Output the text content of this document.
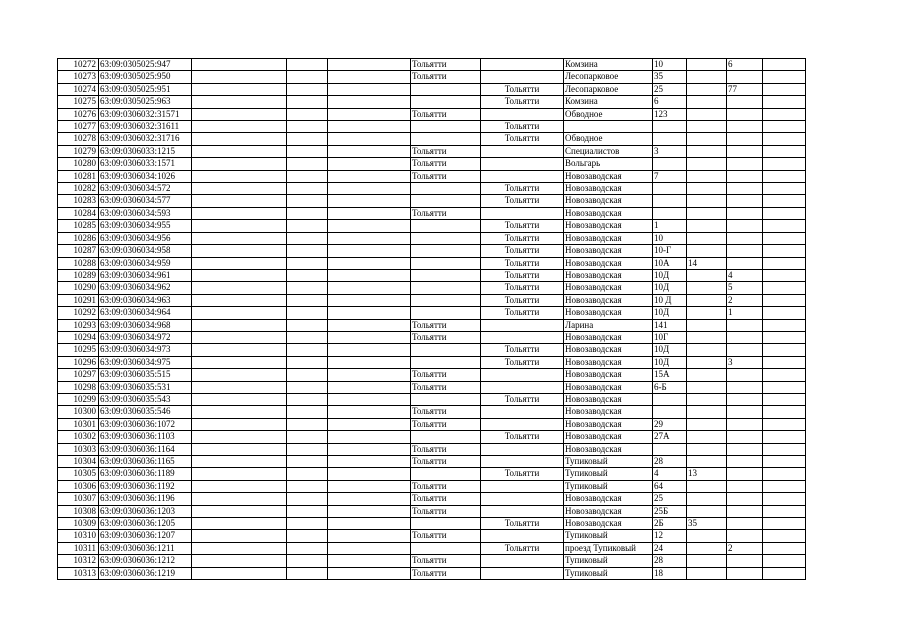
10272	63:09:0305025:947				Тольятти		Комзина	10		6	
10273	63:09:0305025:950				Тольятти		Лесопарковое	35			
10274	63:09:0305025:951					Тольятти	Лесопарковое	25		77	
10275	63:09:0305025:963					Тольятти	Комзина	6			
10276	63:09:0306032:31571				Тольятти		Обводное	123			
10277	63:09:0306032:31611					Тольятти					
10278	63:09:0306032:31716					Тольятти	Обводное				
10279	63:09:0306033:1215				Тольятти		Специалистов	3			
10280	63:09:0306033:1571				Тольятти		Вольгарь				
10281	63:09:0306034:1026				Тольятти		Новозаводская	7			
10282	63:09:0306034:572					Тольятти	Новозаводская				
10283	63:09:0306034:577					Тольятти	Новозаводская				
10284	63:09:0306034:593				Тольятти		Новозаводская				
10285	63:09:0306034:955					Тольятти	Новозаводская	1			
10286	63:09:0306034:956					Тольятти	Новозаводская	10			
10287	63:09:0306034:958					Тольятти	Новозаводская	10-Г			
10288	63:09:0306034:959					Тольятти	Новозаводская	10А	14		
10289	63:09:0306034:961					Тольятти	Новозаводская	10Д		4	
10290	63:09:0306034:962					Тольятти	Новозаводская	10Д		5	
10291	63:09:0306034:963					Тольятти	Новозаводская	10 Д		2	
10292	63:09:0306034:964					Тольятти	Новозаводская	10Д		1	
10293	63:09:0306034:968				Тольятти		Ларина	141			
10294	63:09:0306034:972				Тольятти		Новозаводская	10Г			
10295	63:09:0306034:973					Тольятти	Новозаводская	10Д			
10296	63:09:0306034:975					Тольятти	Новозаводская	10Д		3	
10297	63:09:0306035:515				Тольятти		Новозаводская	15А			
10298	63:09:0306035:531				Тольятти		Новозаводская	6-Б			
10299	63:09:0306035:543					Тольятти	Новозаводская				
10300	63:09:0306035:546				Тольятти		Новозаводская				
10301	63:09:0306036:1072				Тольятти		Новозаводская	29			
10302	63:09:0306036:1103					Тольятти	Новозаводская	27А			
10303	63:09:0306036:1164				Тольятти		Новозаводская				
10304	63:09:0306036:1165				Тольятти		Тупиковый	28			
10305	63:09:0306036:1189					Тольятти	Тупиковый	4	13		
10306	63:09:0306036:1192				Тольятти		Тупиковый	64			
10307	63:09:0306036:1196				Тольятти		Новозаводская	25			
10308	63:09:0306036:1203				Тольятти		Новозаводская	25Б			
10309	63:09:0306036:1205					Тольятти	Новозаводская	2Б	35		
10310	63:09:0306036:1207				Тольятти		Тупиковый	12			
10311	63:09:0306036:1211					Тольятти	проезд Тупиковый	24		2	
10312	63:09:0306036:1212				Тольятти		Тупиковый	28			
10313	63:09:0306036:1219				Тольятти		Тупиковый	18			
